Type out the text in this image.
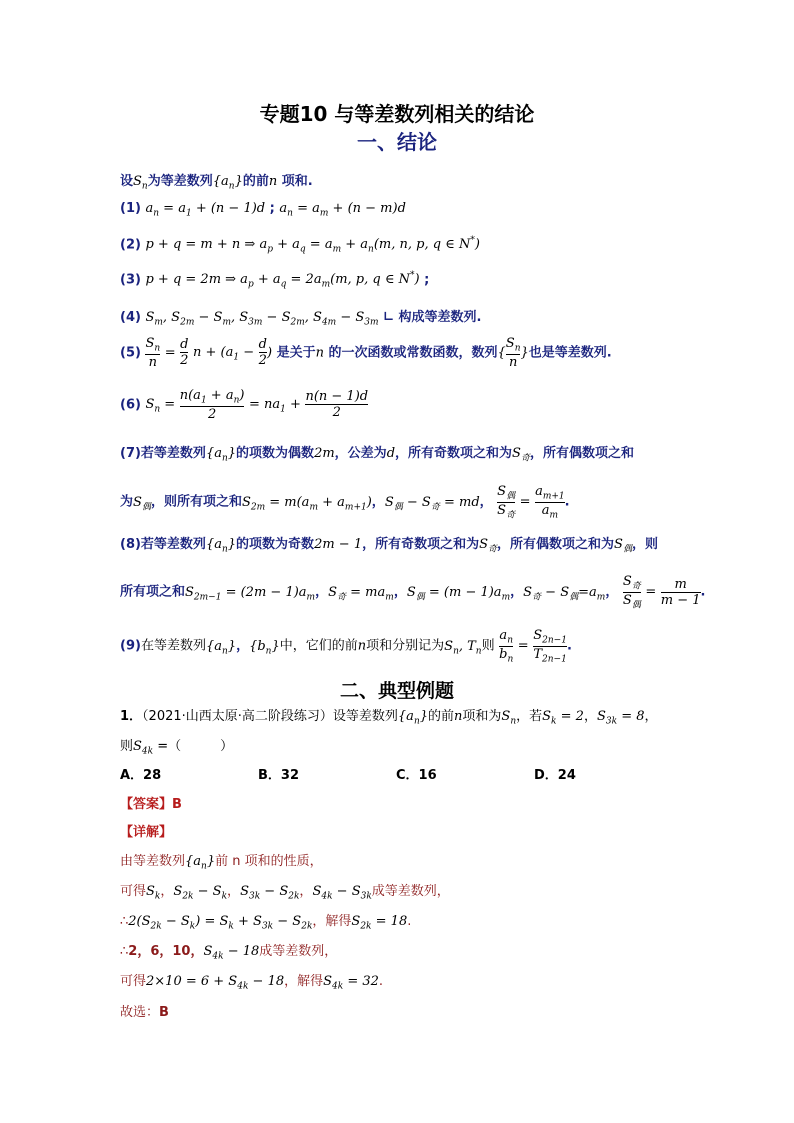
专题10 与等差数列相关的结论
一、结论
设$S_n$为等差数列$\{a_n\}$的前n 项和.
(1) $a_n = a_1 + (n - 1)d$ ; $a_n = a_m + (n - m)d$
(2) p + q = m + n ⇒ $a_p + a_q = a_m + a_n(m$, n, p, q ∈ N*)
(3) p + q = 2m ⇒ $a_p + a_q = 2a_m(m$, p, q ∈ N*) ;
(4) $S_m$, $S_{2m} - S_m$, $S_{3m} - S_{2m}$, $S_{4m} - S_{3m}$ ∟ 构成等差数列.
$(5) \frac{S_n}{n} = \frac{d}{2}$ $n + (a_1 - \frac{d}{2}$ ) 是关于n 的一次函数或常数函数，数列{ $\frac{S_n}{n}$ }也是等差数列.
(6) $S_n = \frac{n(a_1 + a_n)}{2} = na_1 + \frac{n(n - 1)d}{2}$
(7)若等差数列$\{a_n\}$的项数为偶数2m，公差为d，所有奇数项之和为$S_奇$，所有偶数项之和
为$S_偶$，则所有项之和$S_{2m} = m(a_m + a_{m+1})$，$S_偶 - S_奇$ = md，
$S_偶$
$S_奇$
= $\frac{a_{m+1}}{a_m}$ .
(8)若等差数列$\{a_n\}$的项数为奇数2m − 1，所有奇数项之和为$S_奇$，所有偶数项之和为$S_偶$，则
所有项之和$S_{2m-1} = (2m - 1)a_m$，$S_奇 = ma_m$，$S_偶 = (m - 1)a_m$，$S_奇 - S_偶=a_m$，
$S_奇$
$S_偶$
= $\frac{m}{m - 1}$ .
(9)在等差数列$\{a_n\}$，$\{b_n\}$中，它们的前n项和分别记为$S_n$, $T_n$则 $\frac{a_n}{b_n} = \frac{S_{2n-1}}{T_{2n-1}}$ .
二、典型例题
1．（2021·山西太原·高二阶段练习）设等差数列$\{a_n\}$的前n项和为$S_n$，若$S_k = 2$，$S_{3k} = 8$，
则$S_{4k}$ =（　　　）
A．28	B．32	C．16	D．24
【答案】B
【详解】
由等差数列$\{a_n\}$前 n 项和的性质，
可得$S_k$，$S_{2k} - S_k$，$S_{3k} - S_{2k}$，$S_{4k} - S_{3k}$成等差数列，
$\therefore 2(S_{2k} - S_k) = S_k + S_{3k} - S_{2k}$，解得$S_{2k} = 18$.
∴2，6，10，$S_{4k} - 18$成等差数列，
可得$2\times 10 = 6 + S_{4k} - 18$，解得$S_{4k} = 32$.
故选：B
